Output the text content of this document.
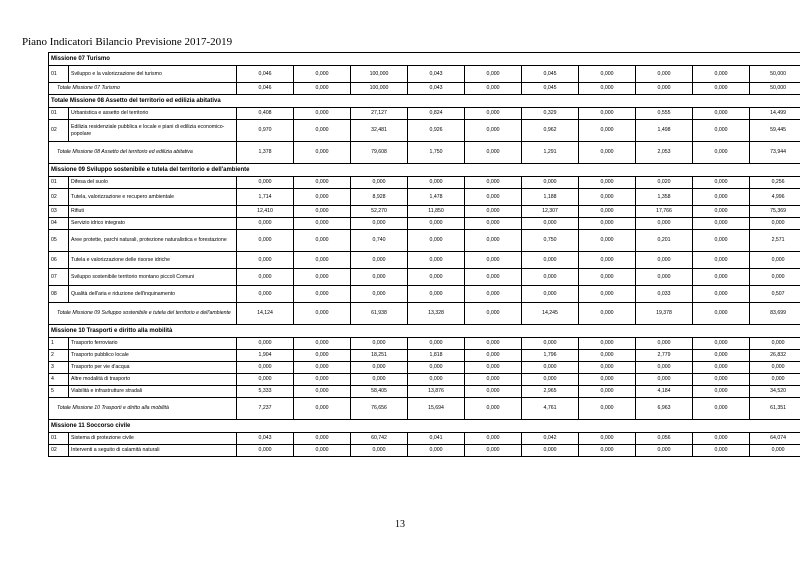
Piano Indicatori Bilancio Previsione 2017-2019
Missione 07 Turismo											
01	Sviluppo e la valorizzazione del turismo	0,046	0,000	100,000	0,043	0,000	0,045	0,000	0,000	0,000	50,000
Totale Missione 07 Turismo		0,046	0,000	100,000	0,043	0,000	0,045	0,000	0,000	0,000	50,000
Totale Missione 08 Assetto del territorio ed edilizia abitativa											
01	Urbanistica e assetto del territorio	0,408	0,000	27,127	0,824	0,000	0,329	0,000	0,555	0,000	14,499
02	Edilizia residenziale pubblica e locale e piani di edilizia economico-popolare	0,970	0,000	32,481	0,926	0,000	0,962	0,000	1,498	0,000	59,445
Totale Missione 08 Assetto del territorio ed edilizia abitativa		1,378	0,000	79,608	1,750	0,000	1,291	0,000	2,053	0,000	73,944
Missione 09 Sviluppo sostenibile e tutela del territorio e dell'ambiente											
01	Difesa del suolo	0,000	0,000	0,000	0,000	0,000	0,000	0,000	0,020	0,000	0,256
02	Tutela, valorizzazione e recupero ambientale	1,714	0,000	8,928	1,478	0,000	1,188	0,000	1,358	0,000	4,996
03	Rifiuti	12,410	0,000	52,270	11,850	0,000	12,307	0,000	17,766	0,000	75,369
04	Servizio idrico integrato	0,000	0,000	0,000	0,000	0,000	0,000	0,000	0,000	0,000	0,000
05	Aree protette, parchi naturali, protezione naturalistica e forestazione	0,000	0,000	0,740	0,000	0,000	0,750	0,000	0,201	0,000	2,571
06	Tutela e valorizzazione delle risorse idriche	0,000	0,000	0,000	0,000	0,000	0,000	0,000	0,000	0,000	0,000
07	Sviluppo sostenibile territorio montano piccoli Comuni	0,000	0,000	0,000	0,000	0,000	0,000	0,000	0,000	0,000	0,000
08	Qualità dell'aria e riduzione dell'inquinamento	0,000	0,000	0,000	0,000	0,000	0,000	0,000	0,033	0,000	0,507
Totale Missione 09 Sviluppo sostenibile e tutela del territorio e dell'ambiente		14,124	0,000	61,938	13,328	0,000	14,245	0,000	19,378	0,000	83,699
Missione 10 Trasporti e diritto alla mobilità											
1	Trasporto ferroviario	0,000	0,000	0,000	0,000	0,000	0,000	0,000	0,000	0,000	0,000
2	Trasporto pubblico locale	1,904	0,000	18,251	1,818	0,000	1,796	0,000	2,779	0,000	26,832
3	Trasporto per vie d'acqua	0,000	0,000	0,000	0,000	0,000	0,000	0,000	0,000	0,000	0,000
4	Altre modalità di trasporto	0,000	0,000	0,000	0,000	0,000	0,000	0,000	0,000	0,000	0,000
5	Viabilità e infrastrutture stradali	5,333	0,000	58,405	13,876	0,000	2,965	0,000	4,184	0,000	34,520
Totale Missione 10 Trasporti e diritto alla mobilità		7,237	0,000	76,656	15,694	0,000	4,761	0,000	6,963	0,000	61,351
Missione 11 Soccorso civile											
01	Sistema di protezione civile	0,043	0,000	60,742	0,041	0,000	0,042	0,000	0,056	0,000	64,074
02	Interventi a seguito di calamità naturali	0,000	0,000	0,000	0,000	0,000	0,000	0,000	0,000	0,000	0,000
13
